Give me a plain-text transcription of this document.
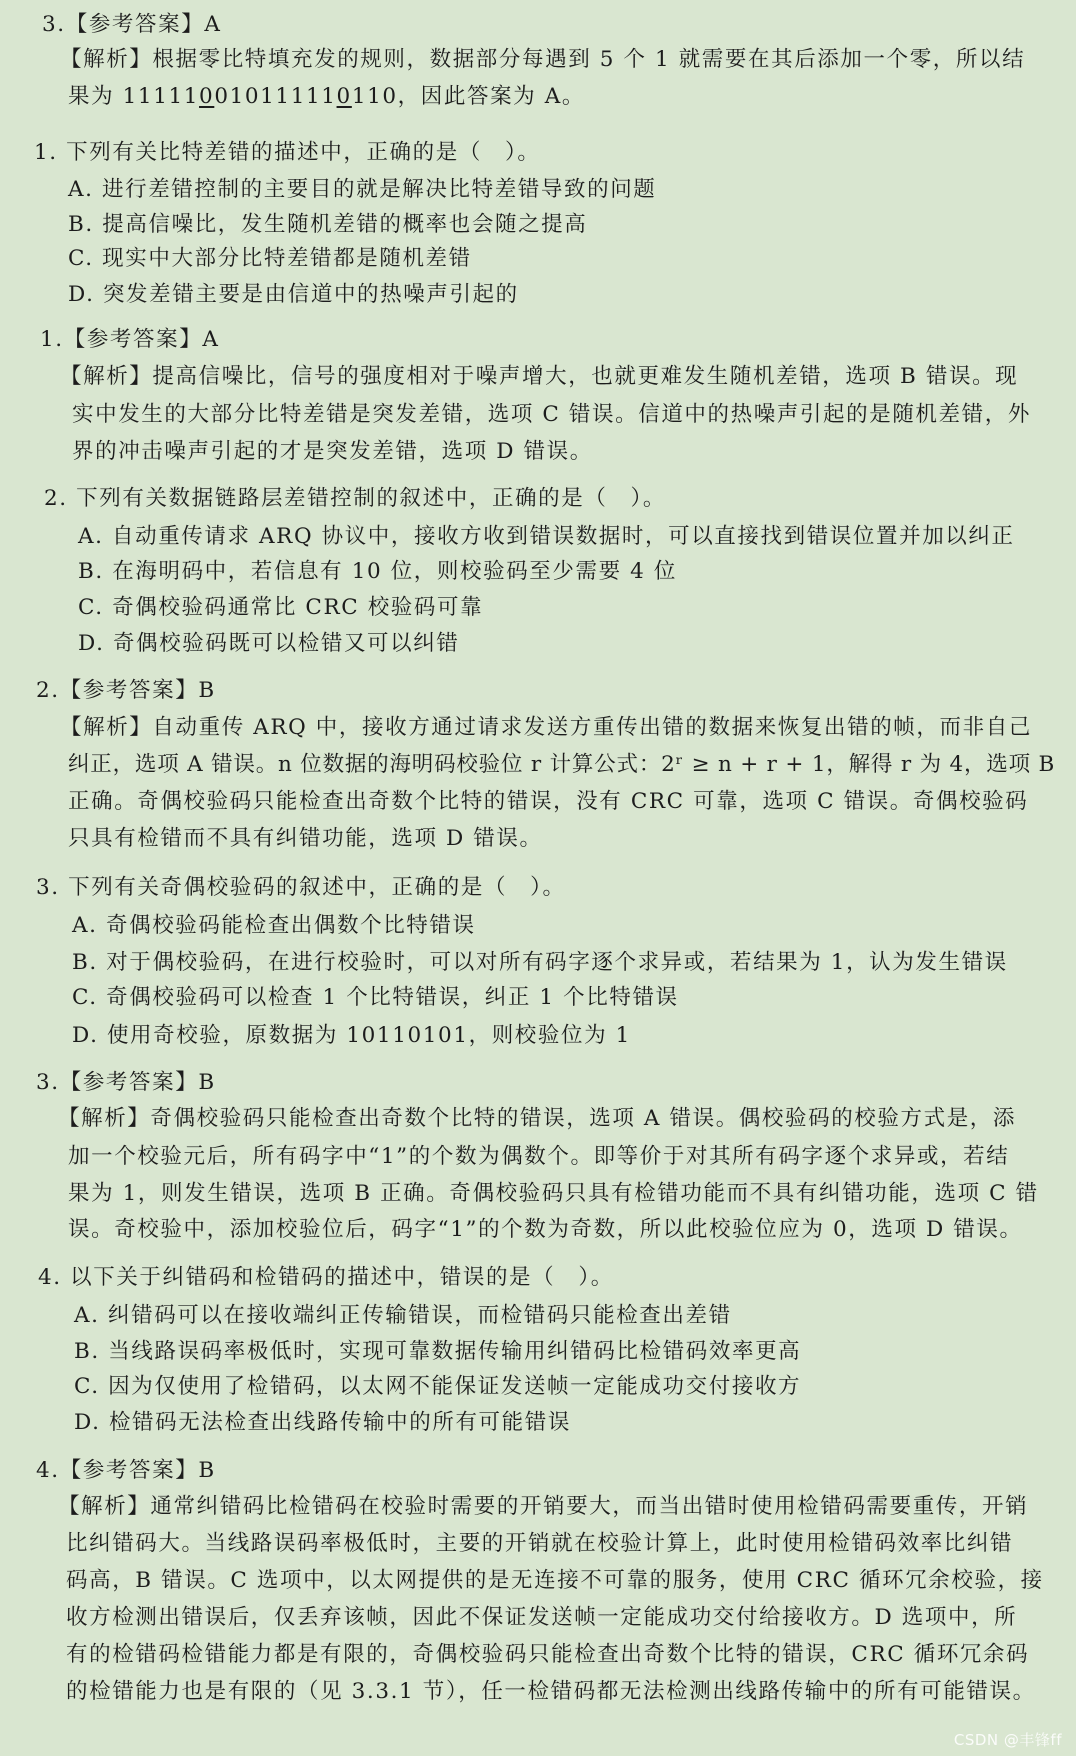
3.【参考答案】A
【解析】根据零比特填充发的规则，数据部分每遇到 5 个 1 就需要在其后添加一个零，所以结
果为 111110010111110110，因此答案为 A。
1. 下列有关比特差错的描述中，正确的是（　）。
A. 进行差错控制的主要目的就是解决比特差错导致的问题
B. 提高信噪比，发生随机差错的概率也会随之提高
C. 现实中大部分比特差错都是随机差错
D. 突发差错主要是由信道中的热噪声引起的
1.【参考答案】A
【解析】提高信噪比，信号的强度相对于噪声增大，也就更难发生随机差错，选项 B 错误。现
实中发生的大部分比特差错是突发差错，选项 C 错误。信道中的热噪声引起的是随机差错，外
界的冲击噪声引起的才是突发差错，选项 D 错误。
2. 下列有关数据链路层差错控制的叙述中，正确的是（　）。
A. 自动重传请求 ARQ 协议中，接收方收到错误数据时，可以直接找到错误位置并加以纠正
B. 在海明码中，若信息有 10 位，则校验码至少需要 4 位
C. 奇偶校验码通常比 CRC 校验码可靠
D. 奇偶校验码既可以检错又可以纠错
2.【参考答案】B
【解析】自动重传 ARQ 中，接收方通过请求发送方重传出错的数据来恢复出错的帧，而非自己
纠正，选项 A 错误。n 位数据的海明码校验位 r 计算公式：2ʳ ≥ n + r + 1，解得 r 为 4，选项 B
正确。奇偶校验码只能检查出奇数个比特的错误，没有 CRC 可靠，选项 C 错误。奇偶校验码
只具有检错而不具有纠错功能，选项 D 错误。
3. 下列有关奇偶校验码的叙述中，正确的是（　）。
A. 奇偶校验码能检查出偶数个比特错误
B. 对于偶校验码，在进行校验时，可以对所有码字逐个求异或，若结果为 1，认为发生错误
C. 奇偶校验码可以检查 1 个比特错误，纠正 1 个比特错误
D. 使用奇校验，原数据为 10110101，则校验位为 1
3.【参考答案】B
【解析】奇偶校验码只能检查出奇数个比特的错误，选项 A 错误。偶校验码的校验方式是，添
加一个校验元后，所有码字中“1”的个数为偶数个。即等价于对其所有码字逐个求异或，若结
果为 1，则发生错误，选项 B 正确。奇偶校验码只具有检错功能而不具有纠错功能，选项 C 错
误。奇校验中，添加校验位后，码字“1”的个数为奇数，所以此校验位应为 0，选项 D 错误。
4. 以下关于纠错码和检错码的描述中，错误的是（　）。
A. 纠错码可以在接收端纠正传输错误，而检错码只能检查出差错
B. 当线路误码率极低时，实现可靠数据传输用纠错码比检错码效率更高
C. 因为仅使用了检错码，以太网不能保证发送帧一定能成功交付接收方
D. 检错码无法检查出线路传输中的所有可能错误
4.【参考答案】B
【解析】通常纠错码比检错码在校验时需要的开销要大，而当出错时使用检错码需要重传，开销
比纠错码大。当线路误码率极低时，主要的开销就在校验计算上，此时使用检错码效率比纠错
码高，B 错误。C 选项中，以太网提供的是无连接不可靠的服务，使用 CRC 循环冗余校验，接
收方检测出错误后，仅丢弃该帧，因此不保证发送帧一定能成功交付给接收方。D 选项中，所
有的检错码检错能力都是有限的，奇偶校验码只能检查出奇数个比特的错误，CRC 循环冗余码
的检错能力也是有限的（见 3.3.1 节），任一检错码都无法检测出线路传输中的所有可能错误。
CSDN @丰锋ff
